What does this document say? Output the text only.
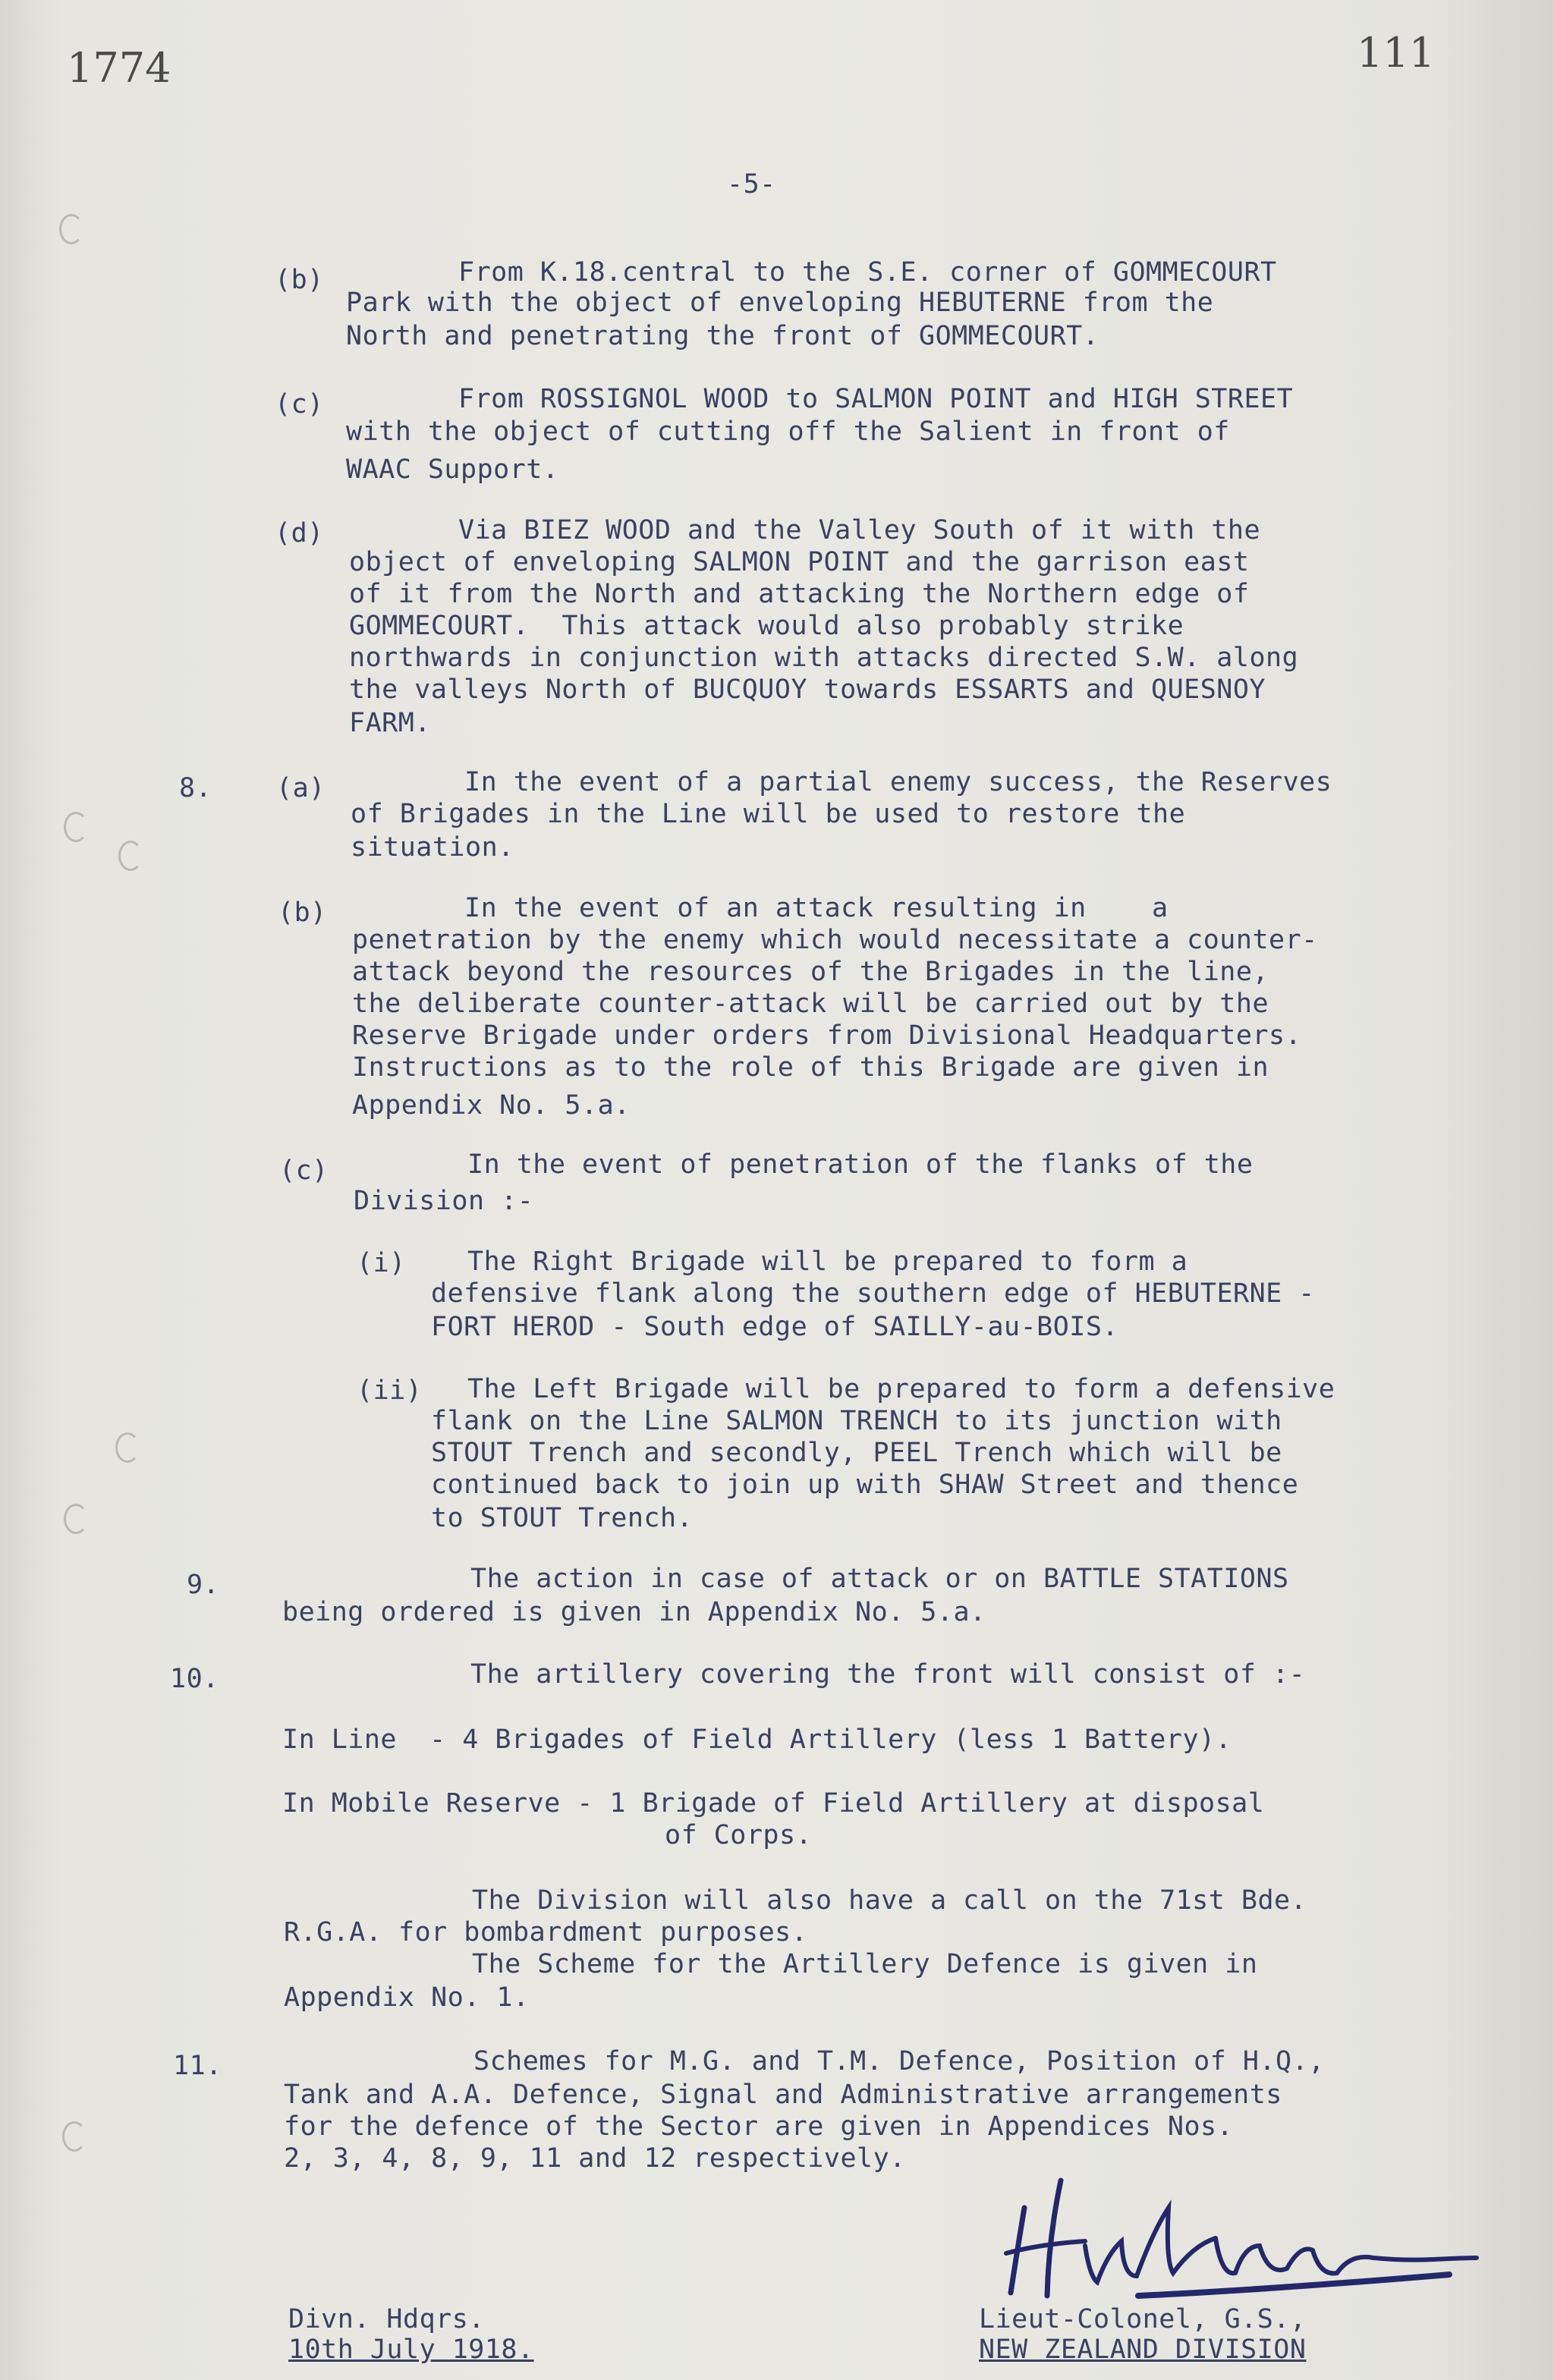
1774	111
-5-
(b)	From K.18.central to the S.E. corner of GOMMECOURT
Park with the object of enveloping HEBUTERNE from the
North and penetrating the front of GOMMECOURT.
(c)	From ROSSIGNOL WOOD to SALMON POINT and HIGH STREET
with the object of cutting off the Salient in front of
WAAC Support.
(d)	Via BIEZ WOOD and the Valley South of it with the
object of enveloping SALMON POINT and the garrison east
of it from the North and attacking the Northern edge of
GOMMECOURT.  This attack would also probably strike
northwards in conjunction with attacks directed S.W. along
the valleys North of BUCQUOY towards ESSARTS and QUESNOY
FARM.
8. (a)	In the event of a partial enemy success, the Reserves
of Brigades in the Line will be used to restore the
situation.
(b)	In the event of an attack resulting in    a
penetration by the enemy which would necessitate a counter-
attack beyond the resources of the Brigades in the line,
the deliberate counter-attack will be carried out by the
Reserve Brigade under orders from Divisional Headquarters.
Instructions as to the role of this Brigade are given in
Appendix No. 5.a.
(c)	In the event of penetration of the flanks of the
Division :-
(i) The Right Brigade will be prepared to form a
defensive flank along the southern edge of HEBUTERNE -
FORT HEROD - South edge of SAILLY-au-BOIS.
(ii) The Left Brigade will be prepared to form a defensive
flank on the Line SALMON TRENCH to its junction with
STOUT Trench and secondly, PEEL Trench which will be
continued back to join up with SHAW Street and thence
to STOUT Trench.
9.	The action in case of attack or on BATTLE STATIONS
being ordered is given in Appendix No. 5.a.
10.	The artillery covering the front will consist of :-
In Line  - 4 Brigades of Field Artillery (less 1 Battery).
In Mobile Reserve - 1 Brigade of Field Artillery at disposal
of Corps.
The Division will also have a call on the 71st Bde.
R.G.A. for bombardment purposes.
The Scheme for the Artillery Defence is given in
Appendix No. 1.
11.	Schemes for M.G. and T.M. Defence, Position of H.Q.,
Tank and A.A. Defence, Signal and Administrative arrangements
for the defence of the Sector are given in Appendices Nos.
2, 3, 4, 8, 9, 11 and 12 respectively.
Divn. Hdqrs.
10th July 1918.
Lieut-Colonel, G.S.,
NEW ZEALAND DIVISION
